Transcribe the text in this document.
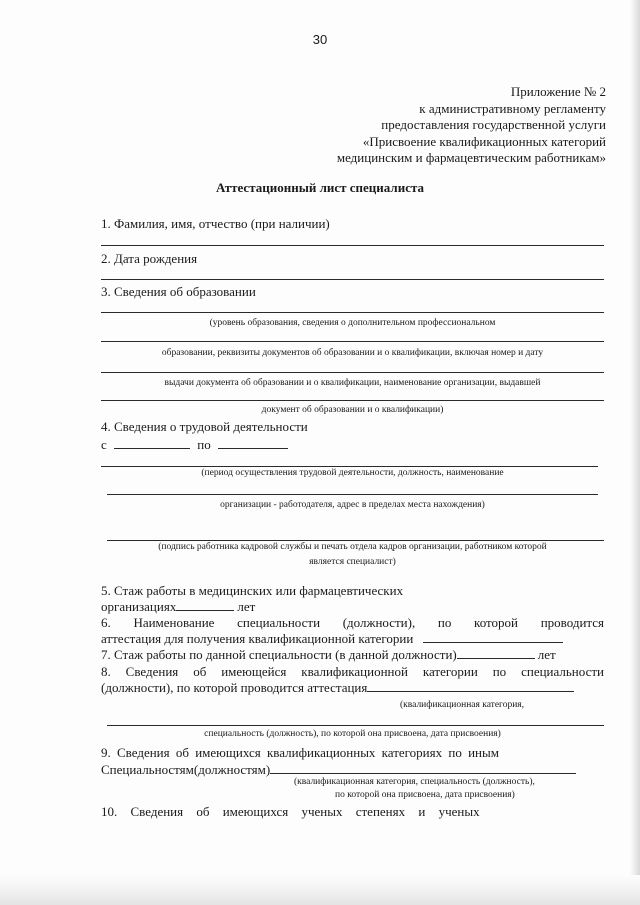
30
Приложение № 2
к административному регламенту
предоставления государственной услуги
«Присвоение квалификационных категорий
медицинским и фармацевтическим работникам»
Аттестационный лист специалиста
1. Фамилия, имя, отчество (при наличии)
2. Дата рождения
3. Сведения об образовании
(уровень образования, сведения о дополнительном профессиональном
образовании, реквизиты документов об образовании и о квалификации, включая номер и дату
выдачи документа об образовании и о квалификации, наименование организации, выдавшей
документ об образовании и о квалификации)
4. Сведения о трудовой деятельности
с	по
(период осуществления трудовой деятельности, должность, наименование
организации - работодателя, адрес в пределах места нахождения)
(подпись работника кадровой службы и печать отдела кадров организации, работником которой
является специалист)
5. Стаж работы в медицинских или фармацевтических
организациях	лет
6. Наименование специальности (должности), по которой проводится
аттестация для получения квалификационной категории
7. Стаж работы по данной специальности (в данной должности)	лет
8. Сведения об имеющейся квалификационной категории по специальности
(должности), по которой проводится аттестация
(квалификационная категория,
специальность (должность), по которой она присвоена, дата присвоения)
9. Сведения об имеющихся квалификационных категориях по иным
Специальностям(должностям)
(квалификационная категория, специальность (должность),
по которой она присвоена, дата присвоения)
10. Сведения об имеющихся ученых степенях и ученых
